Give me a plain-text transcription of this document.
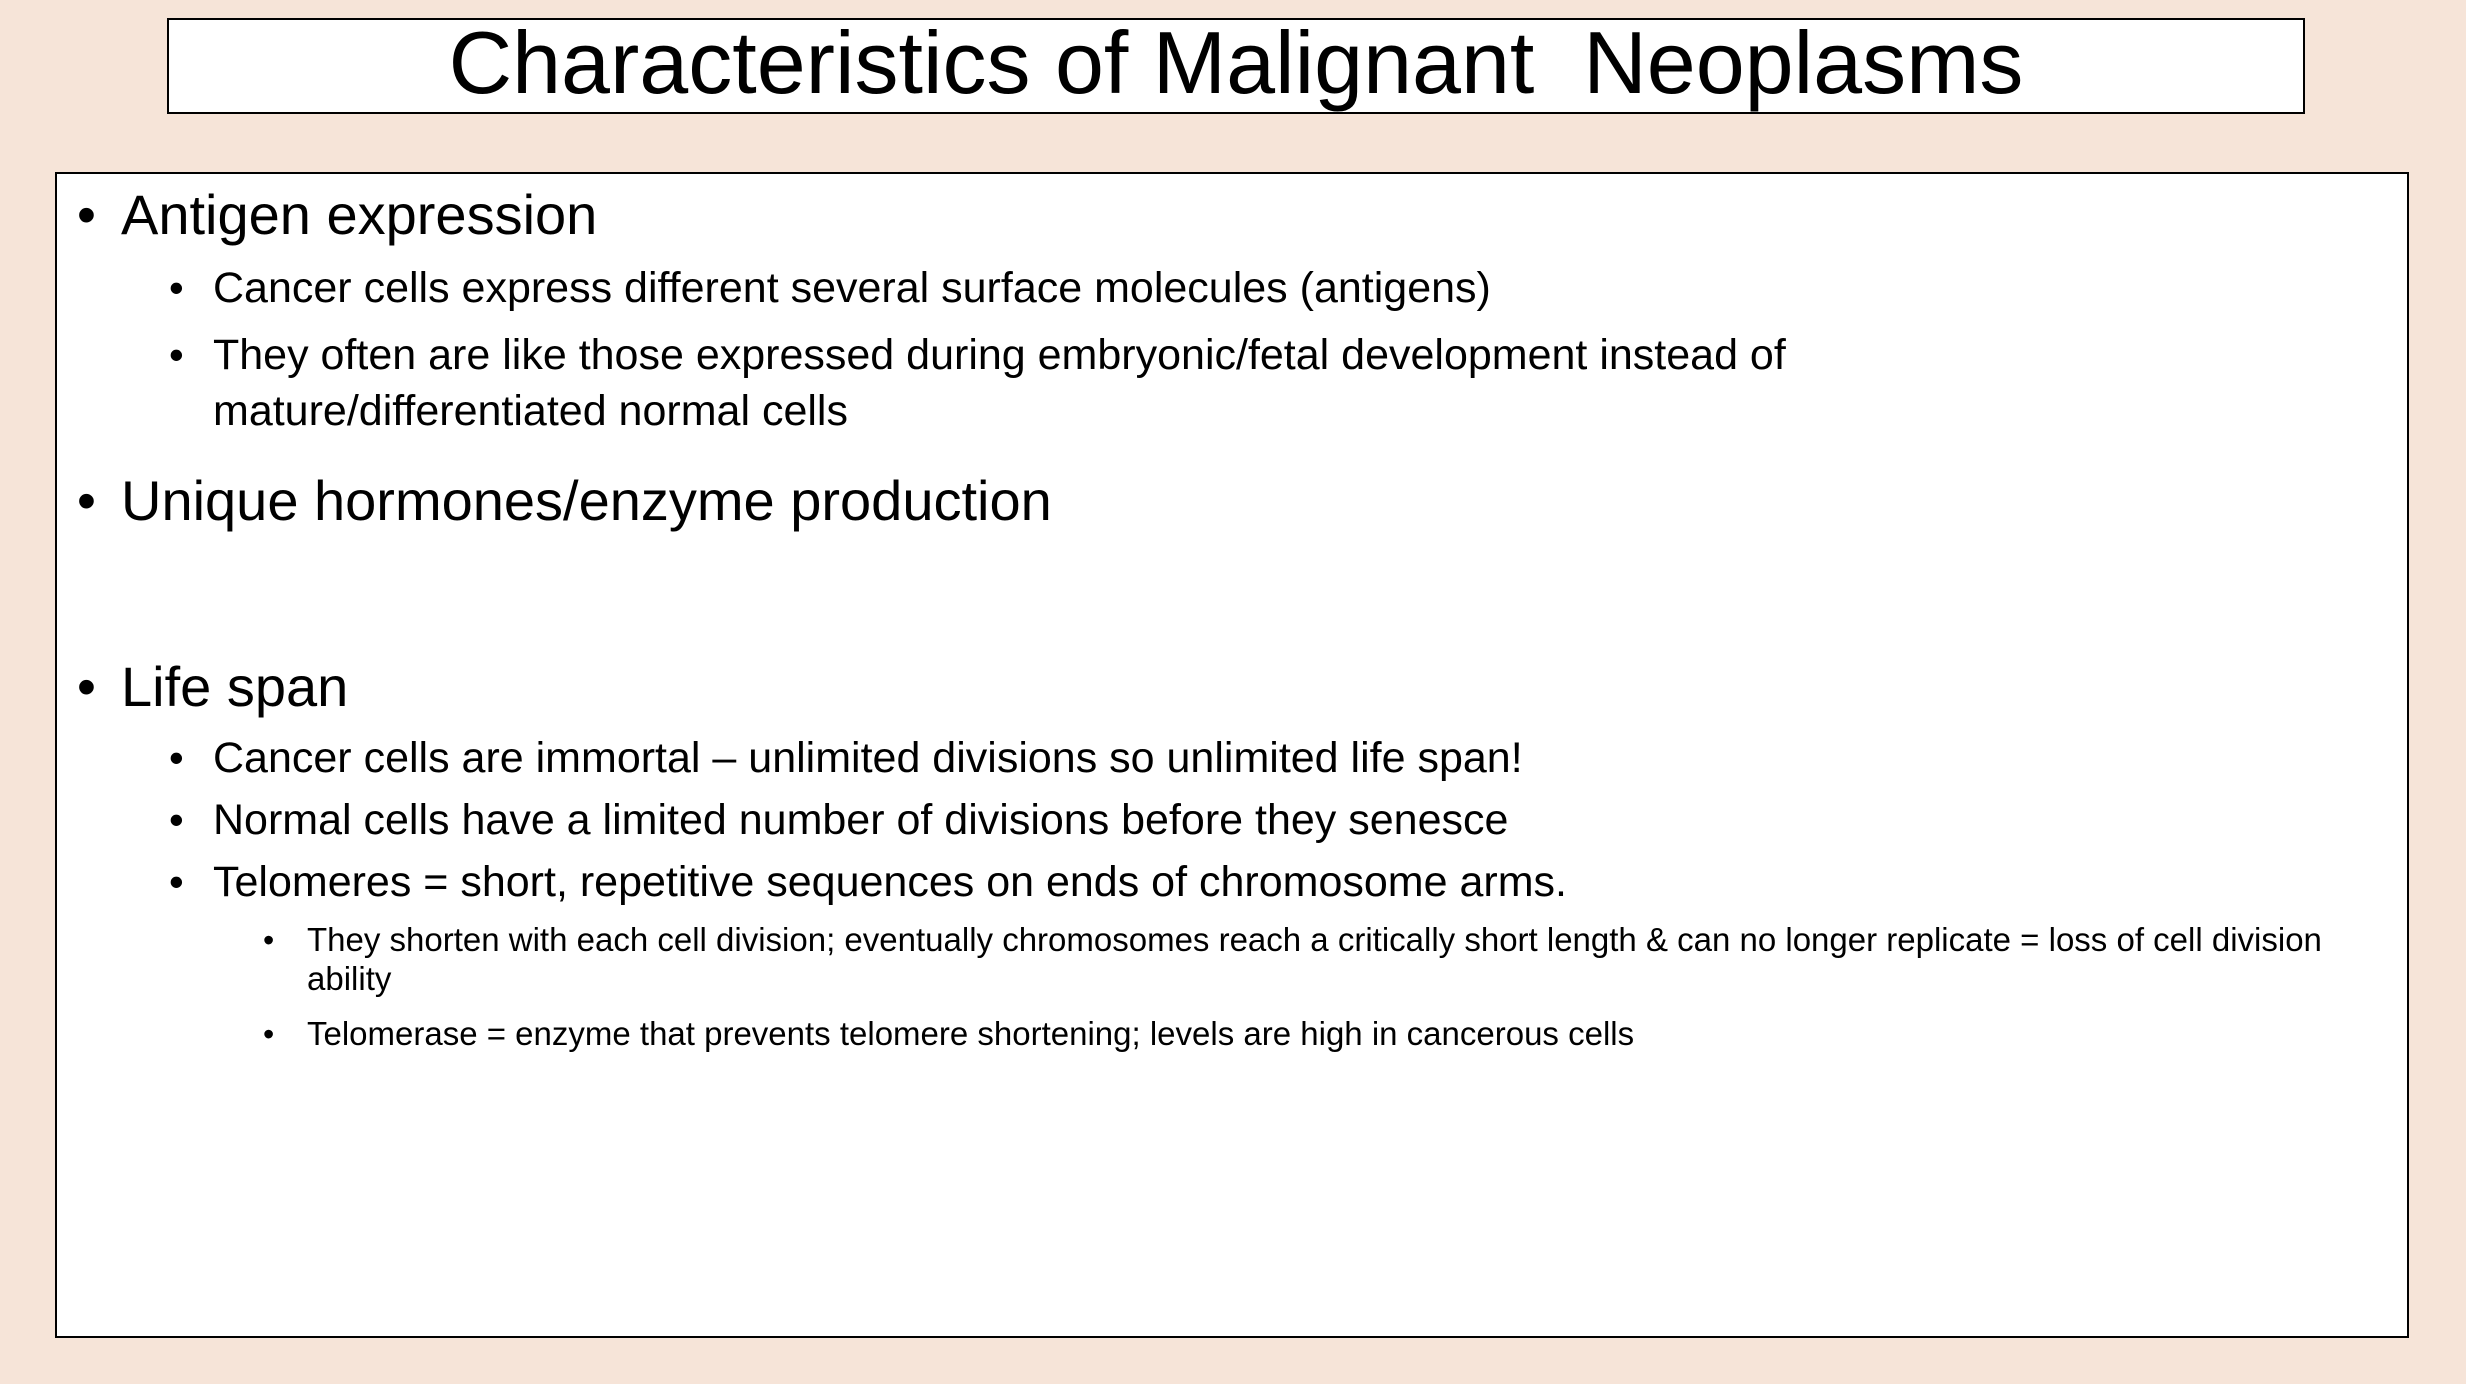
Characteristics of Malignant  Neoplasms
• Antigen expression
• Cancer cells express different several surface molecules (antigens)
• They often are like those expressed during embryonic/fetal development instead of mature/differentiated normal cells
• Unique hormones/enzyme production
• Life span
• Cancer cells are immortal – unlimited divisions so unlimited life span!
• Normal cells have a limited number of divisions before they senesce
• Telomeres = short, repetitive sequences on ends of chromosome arms.
• They shorten with each cell division; eventually chromosomes reach a critically short length & can no longer replicate = loss of cell division ability
• Telomerase = enzyme that prevents telomere shortening; levels are high in cancerous cells
